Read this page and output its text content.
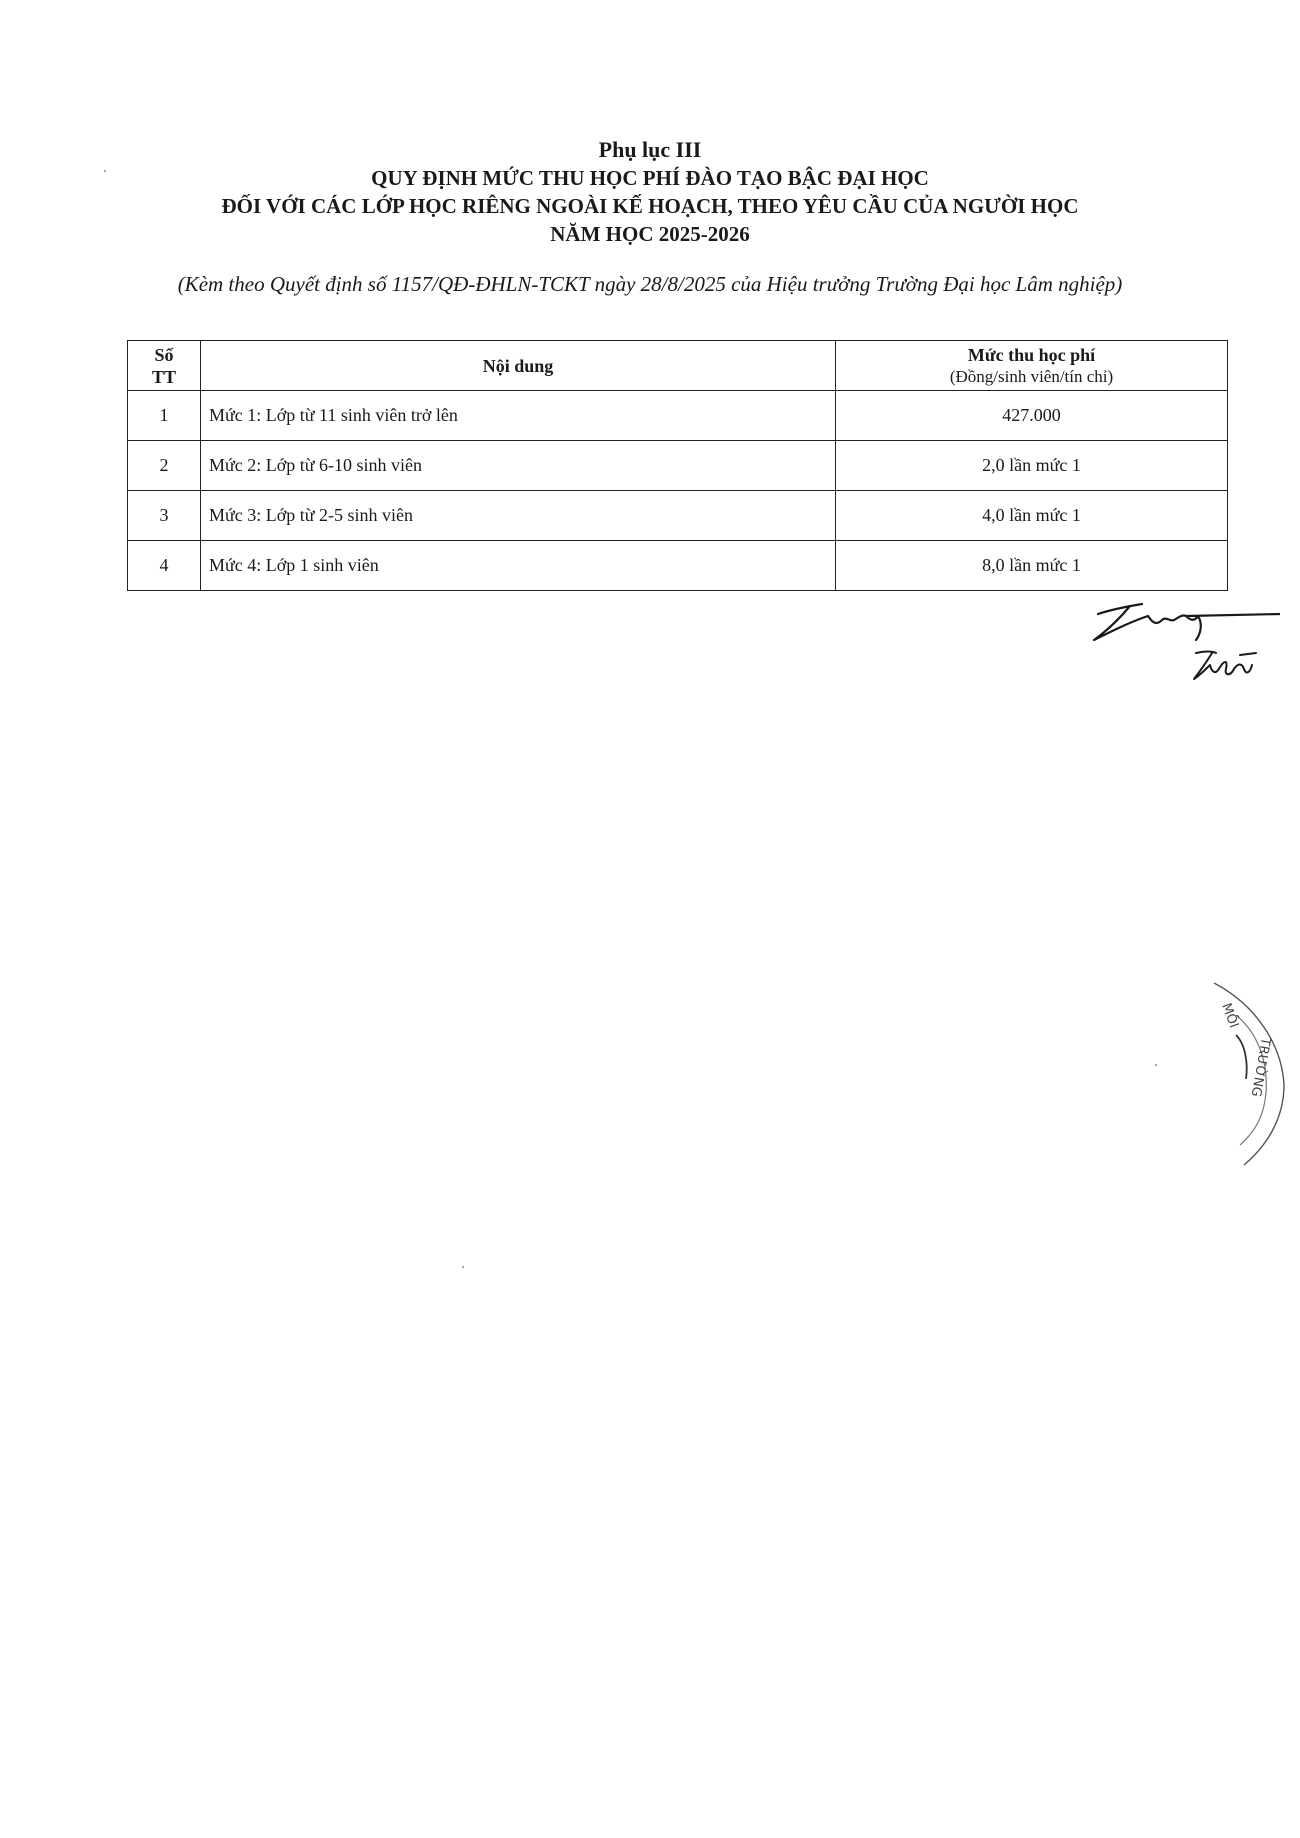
Phụ lục III
QUY ĐỊNH MỨC THU HỌC PHÍ ĐÀO TẠO BẬC ĐẠI HỌC
ĐỐI VỚI CÁC LỚP HỌC RIÊNG NGOÀI KẾ HOẠCH, THEO YÊU CẦU CỦA NGƯỜI HỌC
NĂM HỌC 2025-2026
(Kèm theo Quyết định số 1157/QĐ-ĐHLN-TCKT ngày 28/8/2025 của Hiệu trưởng Trường Đại học Lâm nghiệp)
Số
TT	Nội dung	Mức thu học phí
(Đồng/sinh viên/tín chỉ)

1	Mức 1: Lớp từ 11 sinh viên trở lên	427.000
2	Mức 2: Lớp từ 6-10 sinh viên	2,0 lần mức 1
3	Mức 3: Lớp từ 2-5 sinh viên	4,0 lần mức 1
4	Mức 4: Lớp 1 sinh viên	8,0 lần mức 1
MÔI
TRƯỜNG
